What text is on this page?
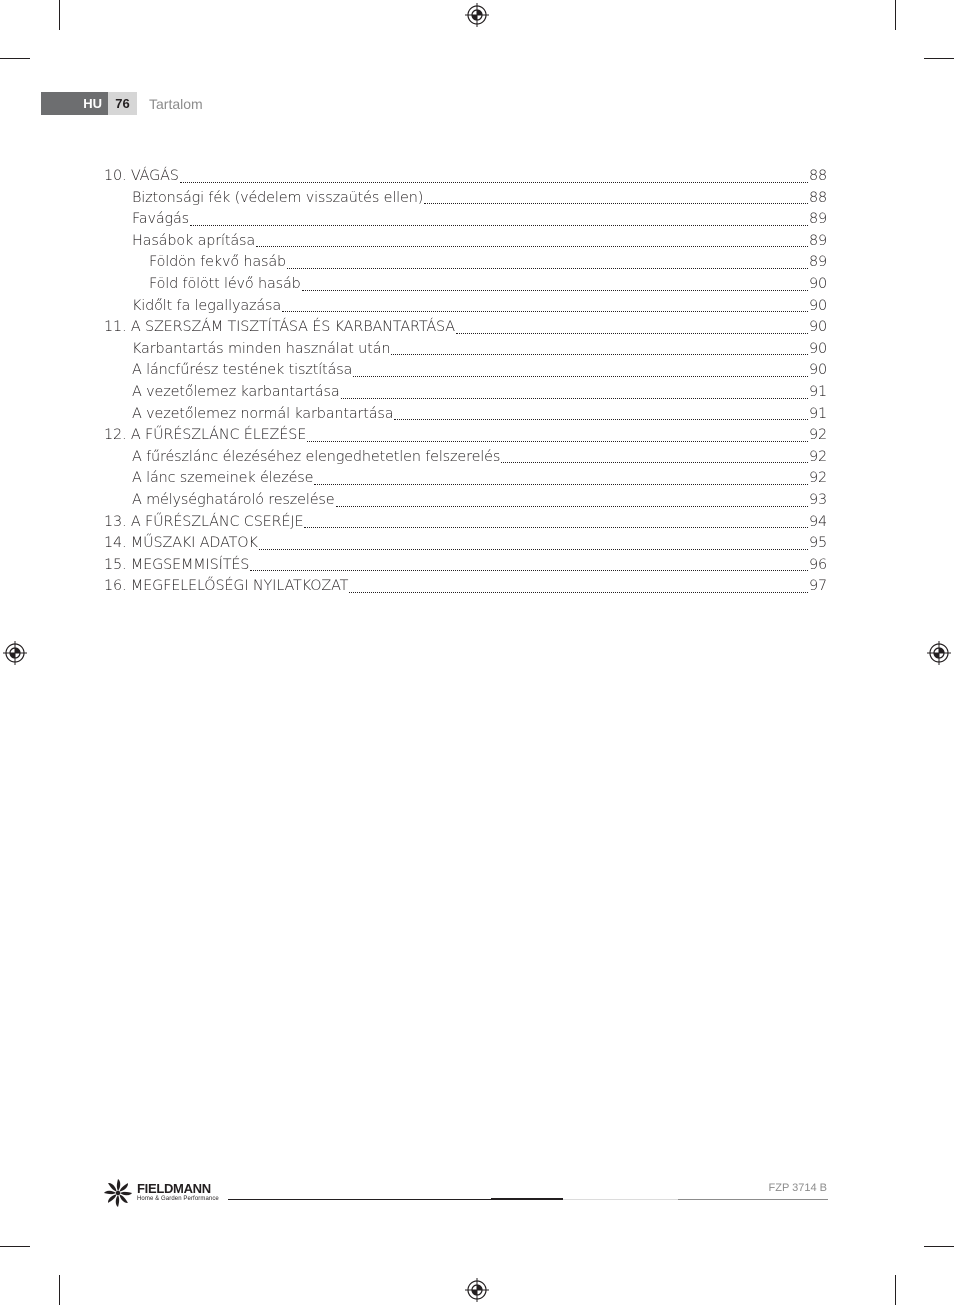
HU	76	Tartalom
10. VÁGÁS	88
Biztonsági fék (védelem visszaütés ellen)	88
Favágás	89
Hasábok aprítása	89
Földön fekvő hasáb	89
Föld fölött lévő hasáb	90
Kidőlt fa legallyazása	90
11. A SZERSZÁM TISZTÍTÁSA ÉS KARBANTARTÁSA	90
Karbantartás minden használat után	90
A láncfűrész testének tisztítása	90
A vezetőlemez karbantartása	91
A vezetőlemez normál karbantartása	91
12. A FŰRÉSZLÁNC ÉLEZÉSE	92
A fűrészlánc élezéséhez elengedhetetlen felszerelés	92
A lánc szemeinek élezése	92
A mélységhatároló reszelése	93
13. A FŰRÉSZLÁNC CSERÉJE	94
14. MŰSZAKI ADATOK	95
15. MEGSEMMISÍTÉS	96
16. MEGFELELŐSÉGI NYILATKOZAT	97
FIELDMANN
Home & Garden Performance
FZP 3714 B
